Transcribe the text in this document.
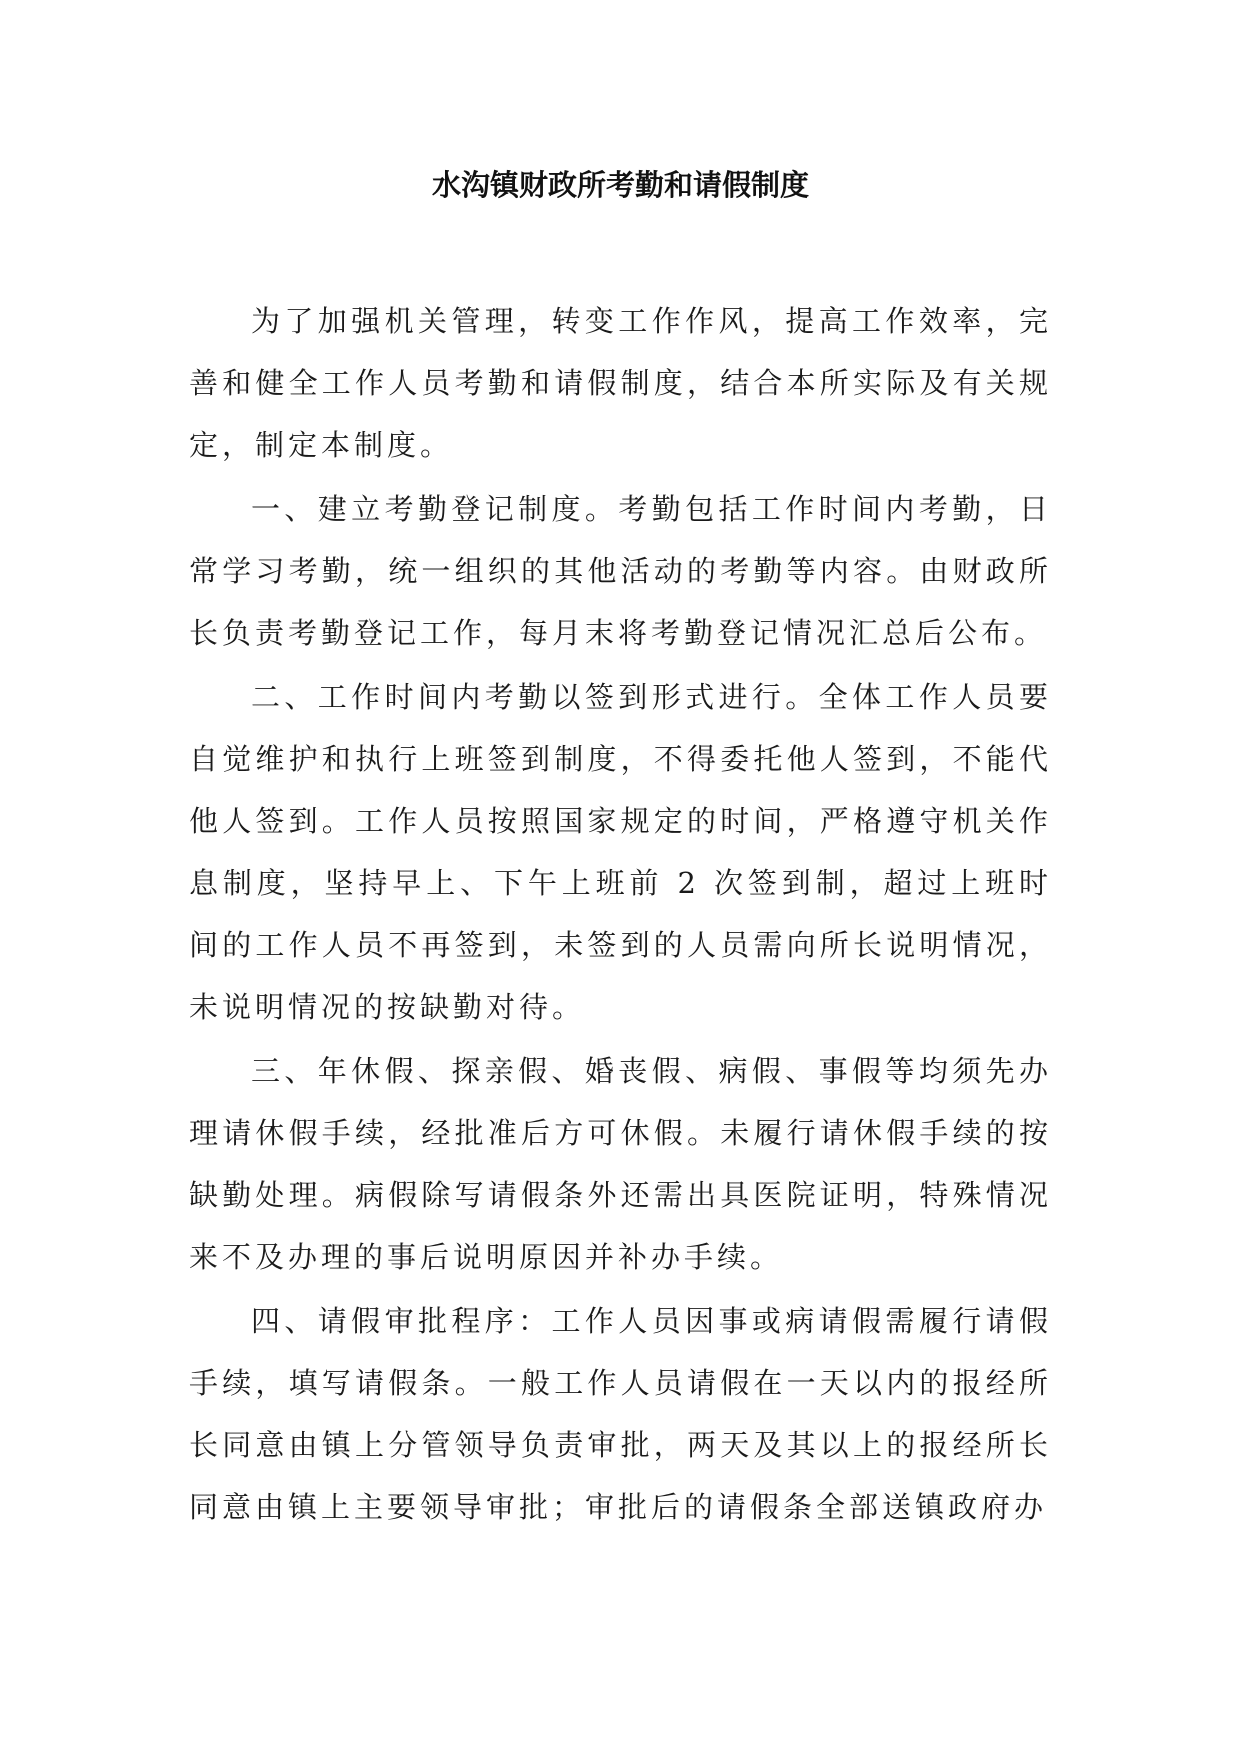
水沟镇财政所考勤和请假制度

为了加强机关管理，转变工作作风，提高工作效率，完善和健全工作人员考勤和请假制度，结合本所实际及有关规定，制定本制度。

一、建立考勤登记制度。考勤包括工作时间内考勤，日常学习考勤，统一组织的其他活动的考勤等内容。由财政所长负责考勤登记工作，每月末将考勤登记情况汇总后公布。

二、工作时间内考勤以签到形式进行。全体工作人员要自觉维护和执行上班签到制度，不得委托他人签到，不能代他人签到。工作人员按照国家规定的时间，严格遵守机关作息制度，坚持早上、下午上班前 2 次签到制，超过上班时间的工作人员不再签到，未签到的人员需向所长说明情况，未说明情况的按缺勤对待。

三、年休假、探亲假、婚丧假、病假、事假等均须先办理请休假手续，经批准后方可休假。未履行请休假手续的按缺勤处理。病假除写请假条外还需出具医院证明，特殊情况来不及办理的事后说明原因并补办手续。

四、请假审批程序：工作人员因事或病请假需履行请假手续，填写请假条。一般工作人员请假在一天以内的报经所长同意由镇上分管领导负责审批，两天及其以上的报经所长同意由镇上主要领导审批；审批后的请假条全部送镇政府办
